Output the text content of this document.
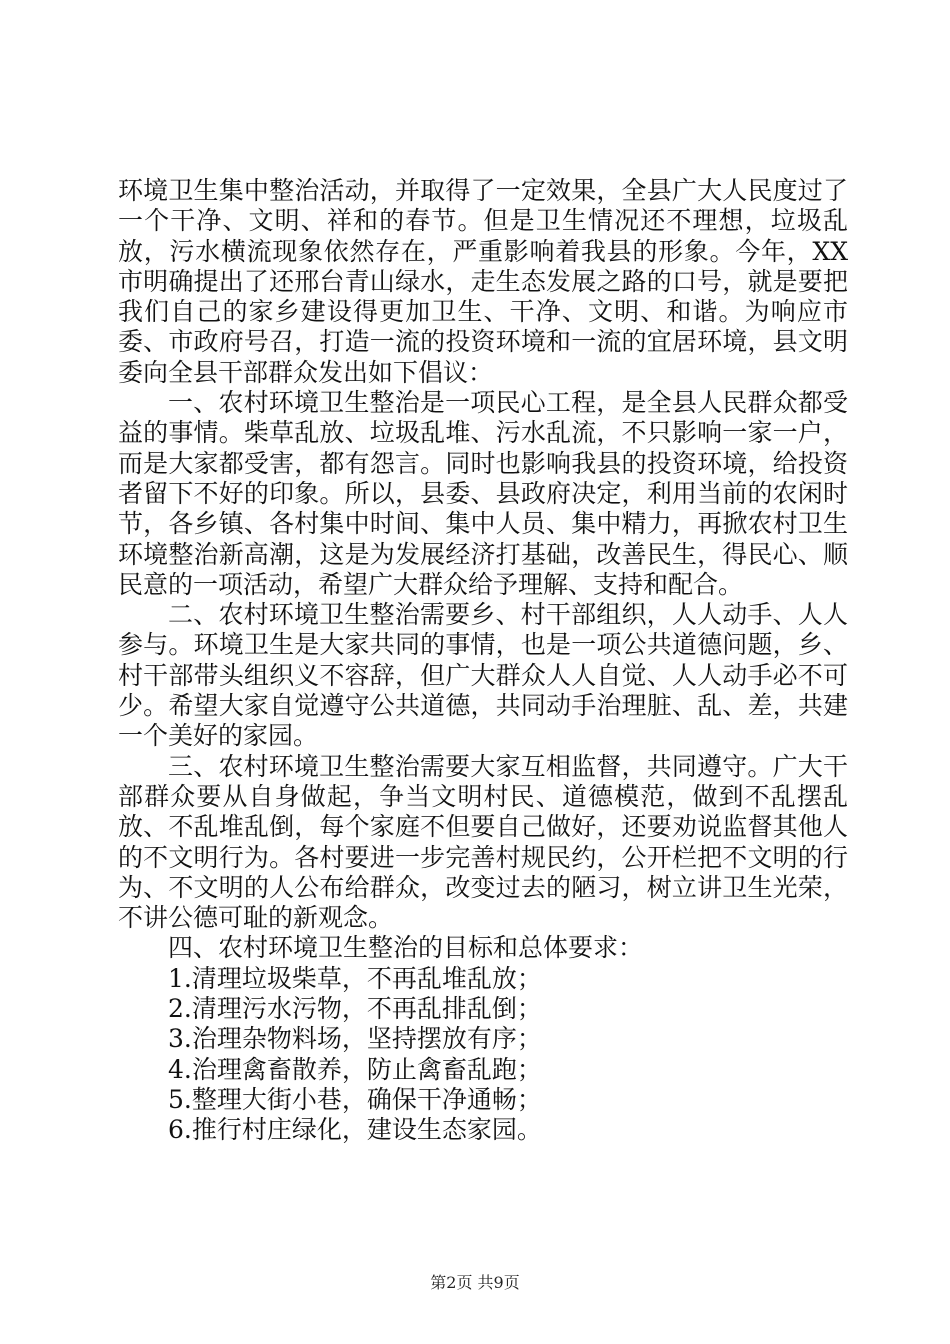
环境卫生集中整治活动，并取得了一定效果，全县广大人民度过了一个干净、文明、祥和的春节。但是卫生情况还不理想，垃圾乱放，污水横流现象依然存在，严重影响着我县的形象。今年，XX市明确提出了还邢台青山绿水，走生态发展之路的口号，就是要把我们自己的家乡建设得更加卫生、干净、文明、和谐。为响应市委、市政府号召，打造一流的投资环境和一流的宜居环境，县文明委向全县干部群众发出如下倡议：

一、农村环境卫生整治是一项民心工程，是全县人民群众都受益的事情。柴草乱放、垃圾乱堆、污水乱流，不只影响一家一户，而是大家都受害，都有怨言。同时也影响我县的投资环境，给投资者留下不好的印象。所以，县委、县政府决定，利用当前的农闲时节，各乡镇、各村集中时间、集中人员、集中精力，再掀农村卫生环境整治新高潮，这是为发展经济打基础，改善民生，得民心、顺民意的一项活动，希望广大群众给予理解、支持和配合。

二、农村环境卫生整治需要乡、村干部组织，人人动手、人人参与。环境卫生是大家共同的事情，也是一项公共道德问题，乡、村干部带头组织义不容辞，但广大群众人人自觉、人人动手必不可少。希望大家自觉遵守公共道德，共同动手治理脏、乱、差，共建一个美好的家园。

三、农村环境卫生整治需要大家互相监督，共同遵守。广大干部群众要从自身做起，争当文明村民、道德模范，做到不乱摆乱放、不乱堆乱倒，每个家庭不但要自己做好，还要劝说监督其他人的不文明行为。各村要进一步完善村规民约，公开栏把不文明的行为、不文明的人公布给群众，改变过去的陋习，树立讲卫生光荣，不讲公德可耻的新观念。

四、农村环境卫生整治的目标和总体要求：

1.清理垃圾柴草，不再乱堆乱放；

2.清理污水污物，不再乱排乱倒；

3.治理杂物料场，坚持摆放有序；

4.治理禽畜散养，防止禽畜乱跑；

5.整理大街小巷，确保干净通畅；

6.推行村庄绿化，建设生态家园。

第2页 共9页
